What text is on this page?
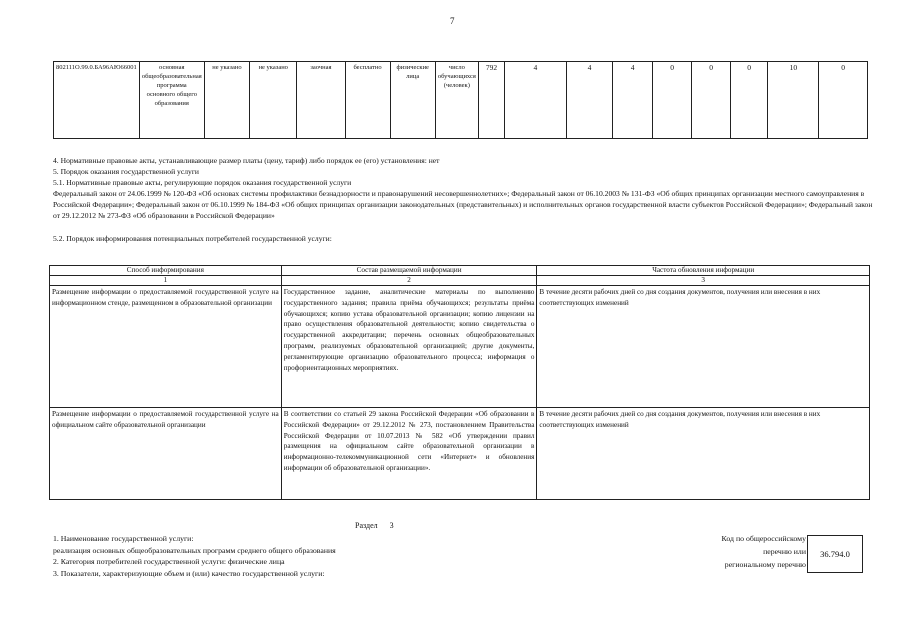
7
802111О.99.0.БА96АЮ66001	основная общеобразовательная программа основного общего образования	не указано	не указано	заочная	бесплатно	физические лица	число обучающихся (человек)	792	4	4	4	0	0	0	10	0
4. Нормативные правовые акты, устанавливающие размер платы (цену, тариф) либо порядок ее (его) установления: нет
5. Порядок оказания государственной услуги
5.1. Нормативные правовые акты, регулирующие порядок оказания государственной услуги
Федеральный закон от 24.06.1999 № 120-ФЗ «Об основах системы профилактики безнадзорности и правонарушений несовершеннолетних»; Федеральный закон от 06.10.2003 № 131-ФЗ «Об общих принципах организации местного самоуправления в Российской Федерации»; Федеральный закон от 06.10.1999 № 184-ФЗ «Об общих принципах организации законодательных (представительных) и исполнительных органов государственной власти субъектов Российской Федерации»; Федеральный закон от 29.12.2012 № 273-ФЗ «Об образовании в Российской Федерации»
5.2. Порядок информирования потенциальных потребителей государственной услуги:
Способ информирования	Состав размещаемой информации	Частота обновления информации
1	2	3
Размещение информации о предоставляемой государственной услуге на информационном стенде, размещенном в образовательной организации	Государственное задание, аналитические материалы по выполнению государственного задания; правила приёма обучающихся; результаты приёма обучающихся; копию устава образовательной организации; копию лицензии на право осуществления образовательной деятельности; копию свидетельства о государственной аккредитации; перечень основных общеобразовательных программ, реализуемых образовательной организацией; другие документы, регламентирующие организацию образовательного процесса; информация о профориентационных мероприятиях.	В течение десяти рабочих дней со дня создания документов, получения или внесения в них соответствующих изменений
Размещение информации о предоставляемой государственной услуге на официальном сайте образовательной организации	В соответствии со статьей 29 закона Российской Федерации «Об образовании в Российской Федерации» от 29.12.2012 № 273, постановлением Правительства Российской Федерации от 10.07.2013 № 582 «Об утверждении правил размещения на официальном сайте образовательной организации в информационно-телекоммуникационной сети «Интернет» и обновления информации об образовательной организации».	В течение десяти рабочих дней со дня создания документов, получения или внесения в них соответствующих изменений
Раздел 3
1. Наименование государственной услуги:
реализация основных общеобразовательных программ среднего общего образования
2. Категория потребителей государственной услуги: физические лица
3. Показатели, характеризующие объем и (или) качество государственной услуги:
Код по общероссийскому
перечню или
региональному перечню
36.794.0
